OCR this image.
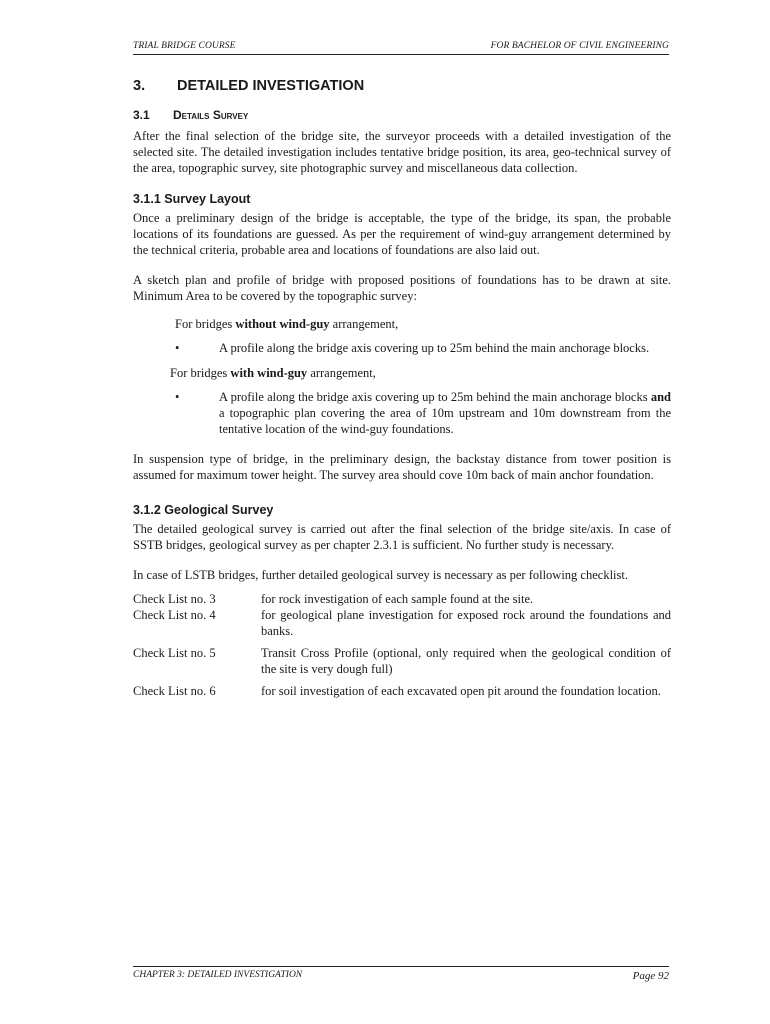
TRIAL BRIDGE COURSE	FOR BACHELOR OF CIVIL ENGINEERING
3.	DETAILED INVESTIGATION
3.1	Details Survey

After the final selection of the bridge site, the surveyor proceeds with a detailed investigation of the selected site. The detailed investigation includes tentative bridge position, its area, geo-technical survey of the area, topographic survey, site photographic survey and miscellaneous data collection.

3.1.1 Survey Layout

Once a preliminary design of the bridge is acceptable, the type of the bridge, its span, the probable locations of its foundations are guessed. As per the requirement of wind-guy arrangement determined by the technical criteria, probable area and locations of foundations are also laid out.

A sketch plan and profile of bridge with proposed positions of foundations has to be drawn at site. Minimum Area to be covered by the topographic survey:

For bridges without wind-guy arrangement,
•	A profile along the bridge axis covering up to 25m behind the main anchorage blocks.
For bridges with wind-guy arrangement,
•	A profile along the bridge axis covering up to 25m behind the main anchorage blocks and a topographic plan covering the area of 10m upstream and 10m downstream from the tentative location of the wind-guy foundations.

In suspension type of bridge, in the preliminary design, the backstay distance from tower position is assumed for maximum tower height. The survey area should cove 10m back of main anchor foundation.

3.1.2 Geological Survey

The detailed geological survey is carried out after the final selection of the bridge site/axis. In case of SSTB bridges, geological survey as per chapter 2.3.1 is sufficient. No further study is necessary.

In case of LSTB bridges, further detailed geological survey is necessary as per following checklist.

Check List no. 3	for rock investigation of each sample found at the site.
Check List no. 4	for geological plane investigation for exposed rock around the foundations and banks.
Check List no. 5	Transit Cross Profile (optional, only required when the geological condition of the site is very dough full)
Check List no. 6	for soil investigation of each excavated open pit around the foundation location.
CHAPTER 3: DETAILED INVESTIGATION	Page 92
